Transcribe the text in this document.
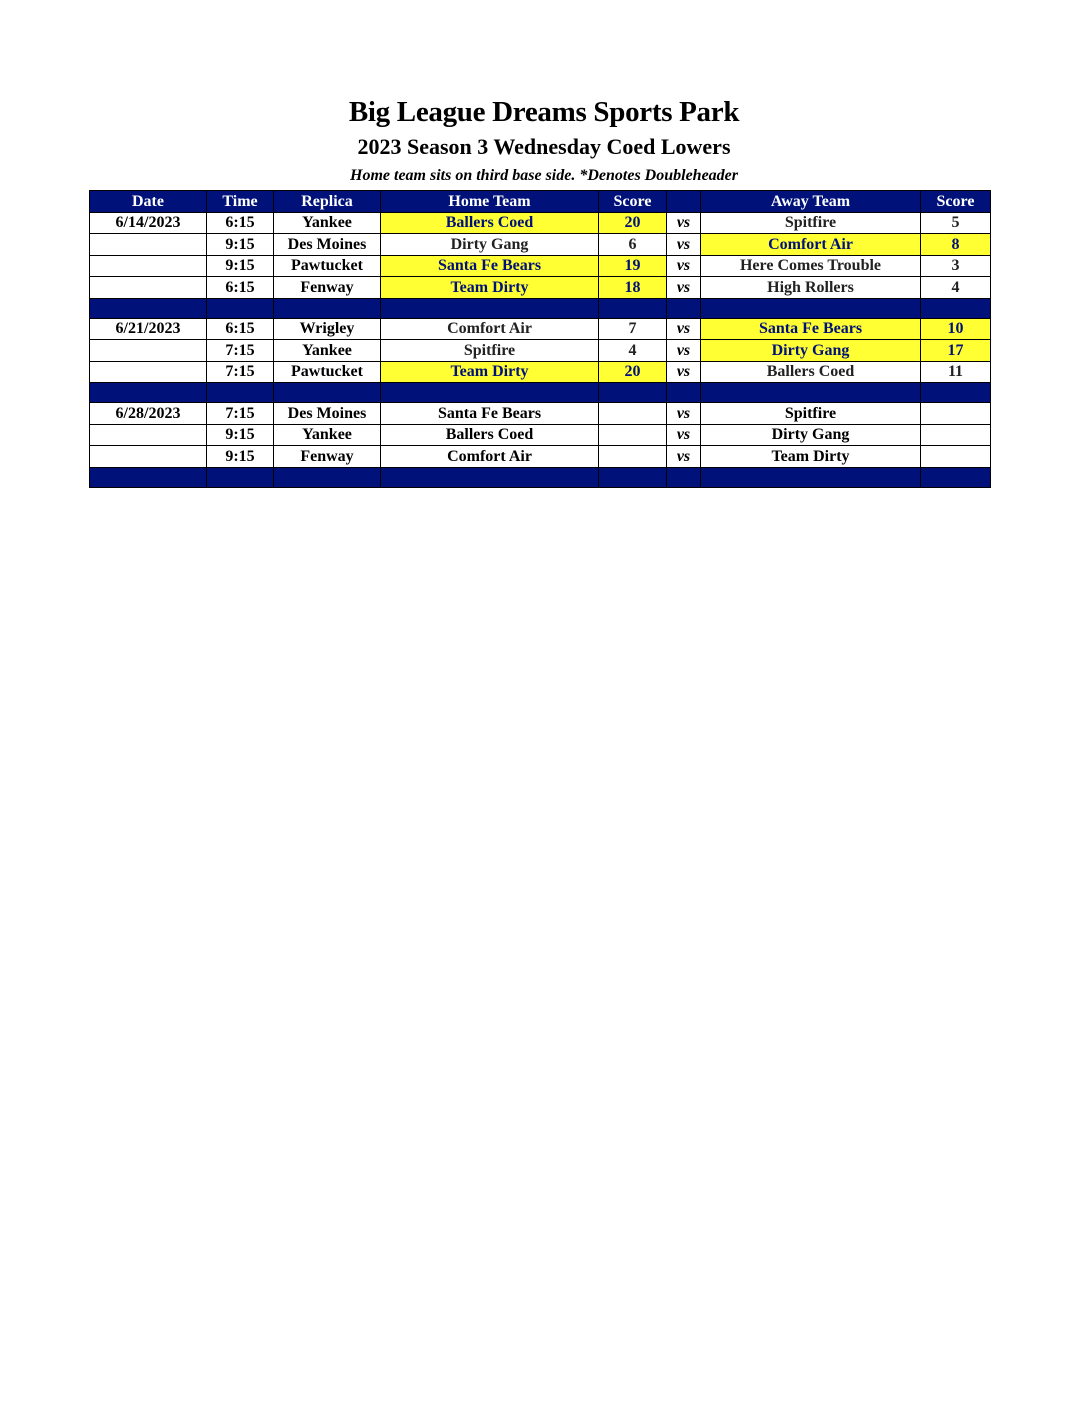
Big League Dreams Sports Park
2023 Season 3 Wednesday Coed Lowers
Home team sits on third base side. *Denotes Doubleheader
Date	Time	Replica	Home Team	Score		Away Team	Score
6/14/2023	6:15	Yankee	Ballers Coed	20	vs	Spitfire	5
	9:15	Des Moines	Dirty Gang	6	vs	Comfort Air	8
	9:15	Pawtucket	Santa Fe Bears	19	vs	Here Comes Trouble	3
	6:15	Fenway	Team Dirty	18	vs	High Rollers	4

6/21/2023	6:15	Wrigley	Comfort Air	7	vs	Santa Fe Bears	10
	7:15	Yankee	Spitfire	4	vs	Dirty Gang	17
	7:15	Pawtucket	Team Dirty	20	vs	Ballers Coed	11

6/28/2023	7:15	Des Moines	Santa Fe Bears		vs	Spitfire	
	9:15	Yankee	Ballers Coed		vs	Dirty Gang	
	9:15	Fenway	Comfort Air		vs	Team Dirty	
